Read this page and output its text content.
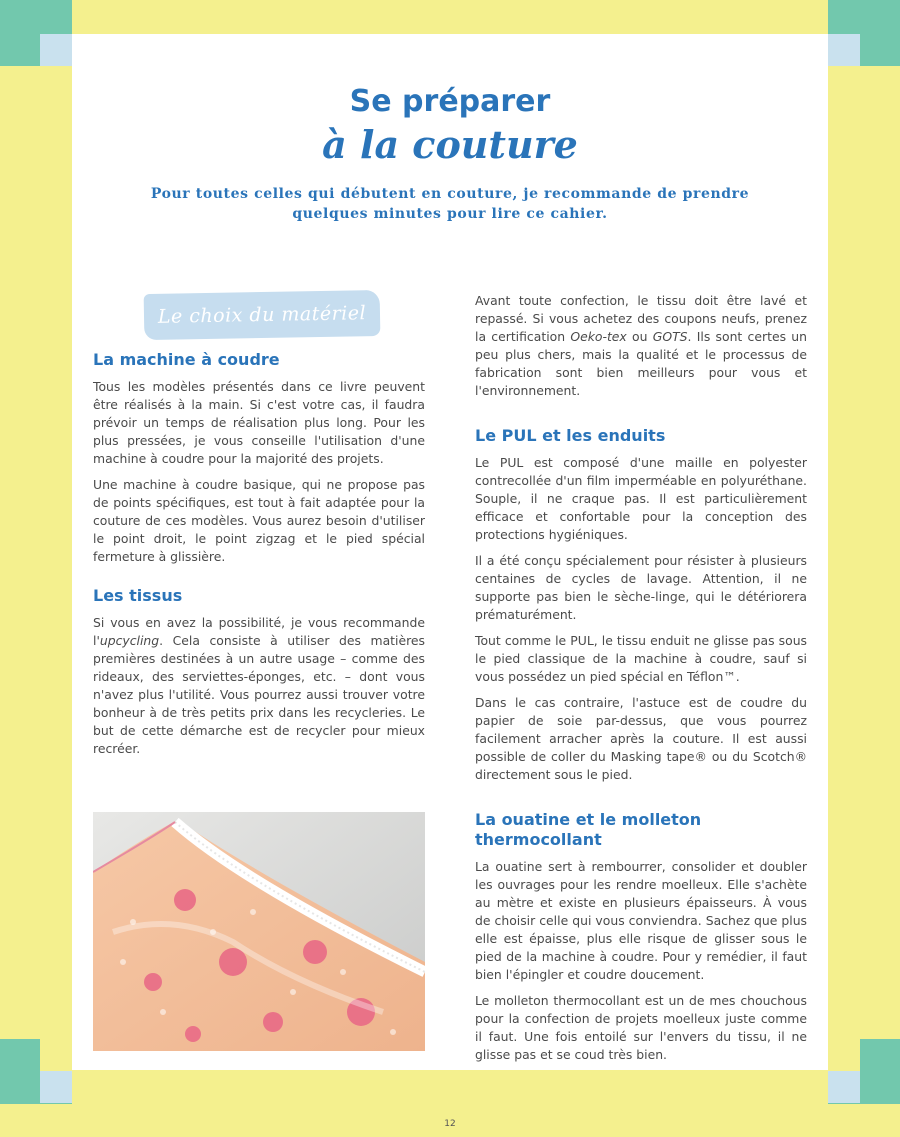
Se préparer
à la couture
Pour toutes celles qui débutent en couture, je recommande de prendre quelques minutes pour lire ce cahier.
Le choix du matériel
La machine à coudre

Tous les modèles présentés dans ce livre peuvent être réalisés à la main. Si c'est votre cas, il faudra prévoir un temps de réalisation plus long. Pour les plus pressées, je vous conseille l'utilisation d'une machine à coudre pour la majorité des projets.

Une machine à coudre basique, qui ne propose pas de points spécifiques, est tout à fait adaptée pour la couture de ces modèles. Vous aurez besoin d'utiliser le point droit, le point zigzag et le pied spécial fermeture à glissière.

Les tissus

Si vous en avez la possibilité, je vous recommande l'upcycling. Cela consiste à utiliser des matières premières destinées à un autre usage – comme des rideaux, des serviettes-éponges, etc. – dont vous n'avez plus l'utilité. Vous pourrez aussi trouver votre bonheur à de très petits prix dans les recycleries. Le but de cette démarche est de recycler pour mieux recréer.

Avant toute confection, le tissu doit être lavé et repassé. Si vous achetez des coupons neufs, prenez la certification Oeko-tex ou GOTS. Ils sont certes un peu plus chers, mais la qualité et le processus de fabrication sont bien meilleurs pour vous et l'environnement.

Le PUL et les enduits

Le PUL est composé d'une maille en polyester contrecollée d'un film imperméable en polyuréthane. Souple, il ne craque pas. Il est particulièrement efficace et confortable pour la conception des protections hygiéniques.

Il a été conçu spécialement pour résister à plusieurs centaines de cycles de lavage. Attention, il ne supporte pas bien le sèche-linge, qui le détériorera prématurément.

Tout comme le PUL, le tissu enduit ne glisse pas sous le pied classique de la machine à coudre, sauf si vous possédez un pied spécial en Téflon™.

Dans le cas contraire, l'astuce est de coudre du papier de soie par-dessus, que vous pourrez facilement arracher après la couture. Il est aussi possible de coller du Masking tape® ou du Scotch® directement sous le pied.

La ouatine et le molleton thermocollant

La ouatine sert à rembourrer, consolider et doubler les ouvrages pour les rendre moelleux. Elle s'achète au mètre et existe en plusieurs épaisseurs. À vous de choisir celle qui vous conviendra. Sachez que plus elle est épaisse, plus elle risque de glisser sous le pied de la machine à coudre. Pour y remédier, il faut bien l'épingler et coudre doucement.

Le molleton thermocollant est un de mes chouchous pour la confection de projets moelleux juste comme il faut. Une fois entoilé sur l'envers du tissu, il ne glisse pas et se coud très bien.

12
